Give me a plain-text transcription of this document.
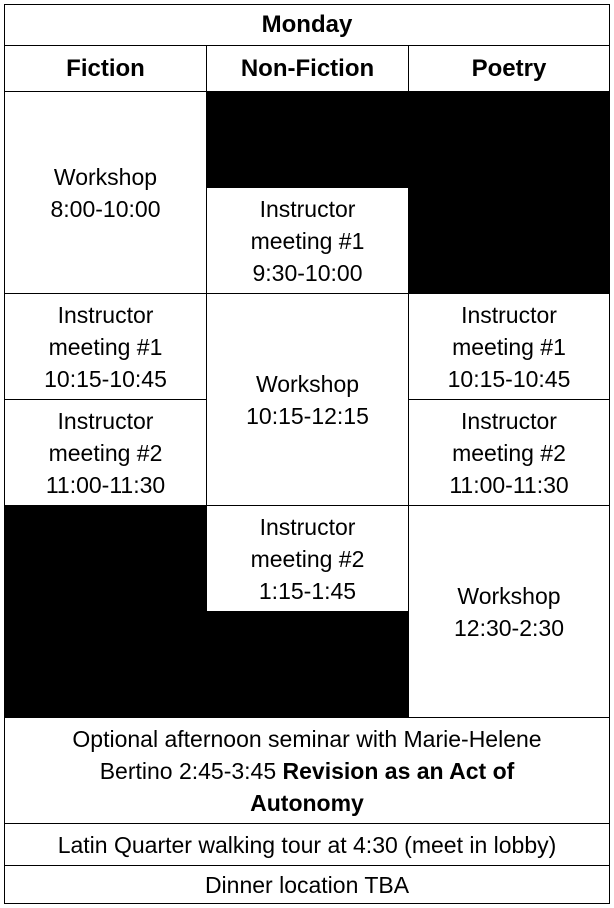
Monday
Fiction	Non-Fiction	Poetry
Workshop
8:00-10:00
Instructor
meeting #1
10:15-10:45
Instructor
meeting #2
11:00-11:30
Instructor
meeting #1
9:30-10:00
Workshop
10:15-12:15
Instructor
meeting #2
1:15-1:45
Instructor
meeting #1
10:15-10:45
Instructor
meeting #2
11:00-11:30
Workshop
12:30-2:30
Optional afternoon seminar with Marie-Helene
Bertino 2:45-3:45 Revision as an Act of
Autonomy
Latin Quarter walking tour at 4:30 (meet in lobby)
Dinner location TBA
